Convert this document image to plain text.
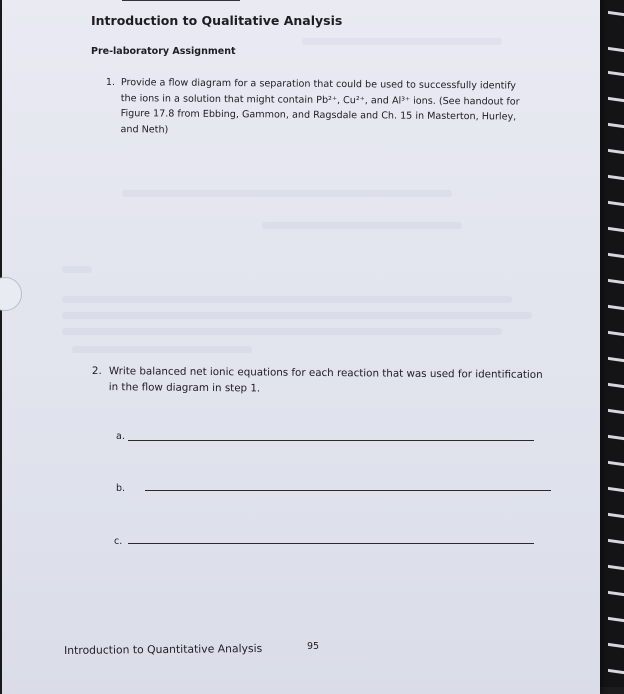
Introduction to Qualitative Analysis
Pre-laboratory Assignment
1. Provide a flow diagram for a separation that could be used to successfully identify
the ions in a solution that might contain Pb²⁺, Cu²⁺, and Al³⁺ ions. (See handout for
Figure 17.8 from Ebbing, Gammon, and Ragsdale and Ch. 15 in Masterton, Hurley,
and Neth)
2. Write balanced net ionic equations for each reaction that was used for identification
in the flow diagram in step 1.
a.
b.
c.
Introduction to Quantitative Analysis	95
